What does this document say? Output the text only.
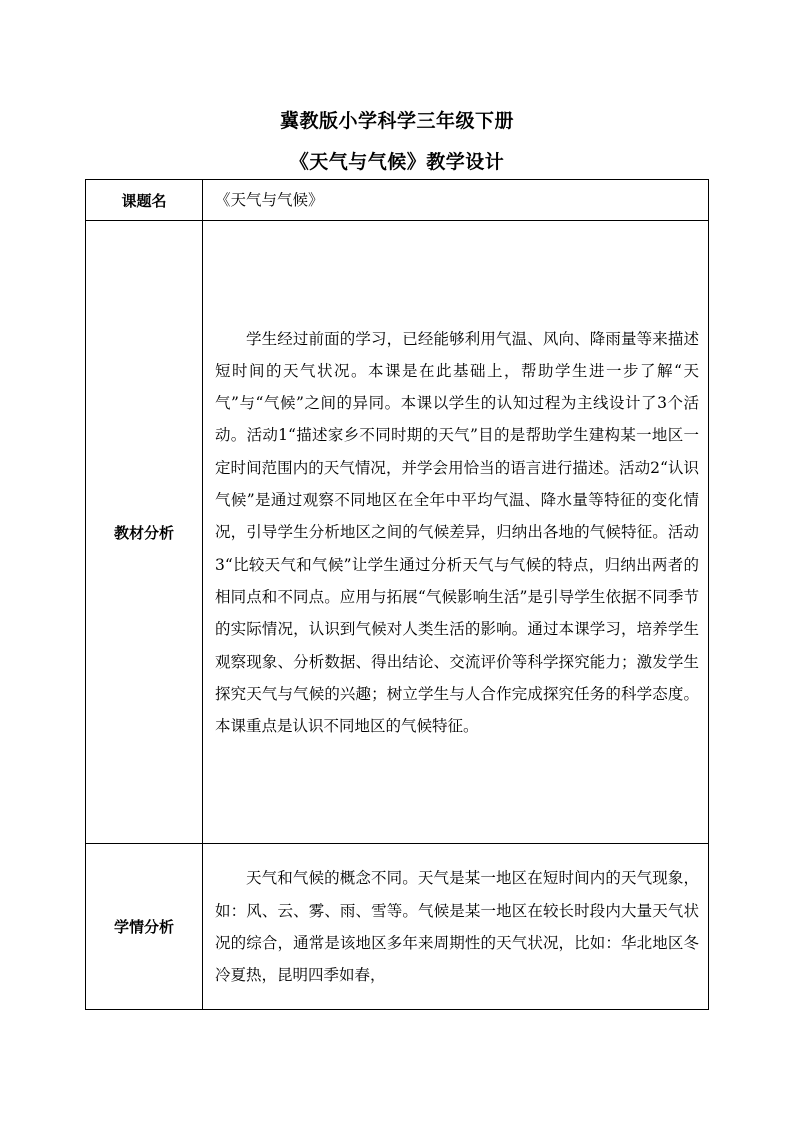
冀教版小学科学三年级下册
《天气与气候》教学设计
课题名	《天气与气候》
教材分析	学生经过前面的学习，已经能够利用气温、风向、降雨量等来描述短时间的天气状况。本课是在此基础上，帮助学生进一步了解“天气”与“气候”之间的异同。本课以学生的认知过程为主线设计了3个活动。活动1“描述家乡不同时期的天气”目的是帮助学生建构某一地区一定时间范围内的天气情况，并学会用恰当的语言进行描述。活动2“认识气候”是通过观察不同地区在全年中平均气温、降水量等特征的变化情况，引导学生分析地区之间的气候差异，归纳出各地的气候特征。活动3“比较天气和气候”让学生通过分析天气与气候的特点，归纳出两者的相同点和不同点。应用与拓展“气候影响生活”是引导学生依据不同季节的实际情况，认识到气候对人类生活的影响。通过本课学习，培养学生观察现象、分析数据、得出结论、交流评价等科学探究能力；激发学生探究天气与气候的兴趣；树立学生与人合作完成探究任务的科学态度。本课重点是认识不同地区的气候特征。

学情分析	天气和气候的概念不同。天气是某一地区在短时间内的天气现象，如：风、云、雾、雨、雪等。气候是某一地区在较长时段内大量天气状况的综合，通常是该地区多年来周期性的天气状况，比如：华北地区冬冷夏热，昆明四季如春，
